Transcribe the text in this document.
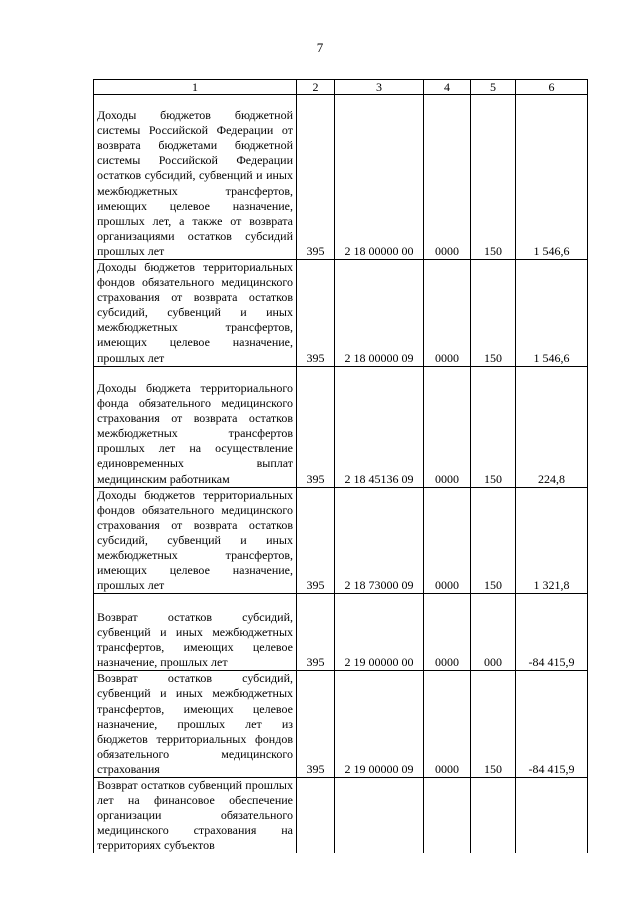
7
1	2	3	4	5	6
Доходы бюджетов бюджетной системы Российской Федерации от возврата бюджетами бюджетной системы Российской Федерации остатков субсидий, субвенций и иных межбюджетных трансфертов, имеющих целевое назначение, прошлых лет, а также от возврата организациями остатков субсидий прошлых лет	395	2 18 00000 00	0000	150	1 546,6
Доходы бюджетов территориальных фондов обязательного медицинского страхования от возврата остатков субсидий, субвенций и иных межбюджетных трансфертов, имеющих целевое назначение, прошлых лет	395	2 18 00000 09	0000	150	1 546,6
Доходы бюджета территориального фонда обязательного медицинского страхования от возврата остатков межбюджетных трансфертов прошлых лет на осуществление единовременных выплат медицинским работникам	395	2 18 45136 09	0000	150	224,8
Доходы бюджетов территориальных фондов обязательного медицинского страхования от возврата остатков субсидий, субвенций и иных межбюджетных трансфертов, имеющих целевое назначение, прошлых лет	395	2 18 73000 09	0000	150	1 321,8
Возврат остатков субсидий, субвенций и иных межбюджетных трансфертов, имеющих целевое назначение, прошлых лет	395	2 19 00000 00	0000	000	-84 415,9
Возврат остатков субсидий, субвенций и иных межбюджетных трансфертов, имеющих целевое назначение, прошлых лет из бюджетов территориальных фондов обязательного медицинского страхования	395	2 19 00000 09	0000	150	-84 415,9
Возврат остатков субвенций прошлых лет на финансовое обеспечение организации обязательного медицинского страхования на территориях субъектов					
